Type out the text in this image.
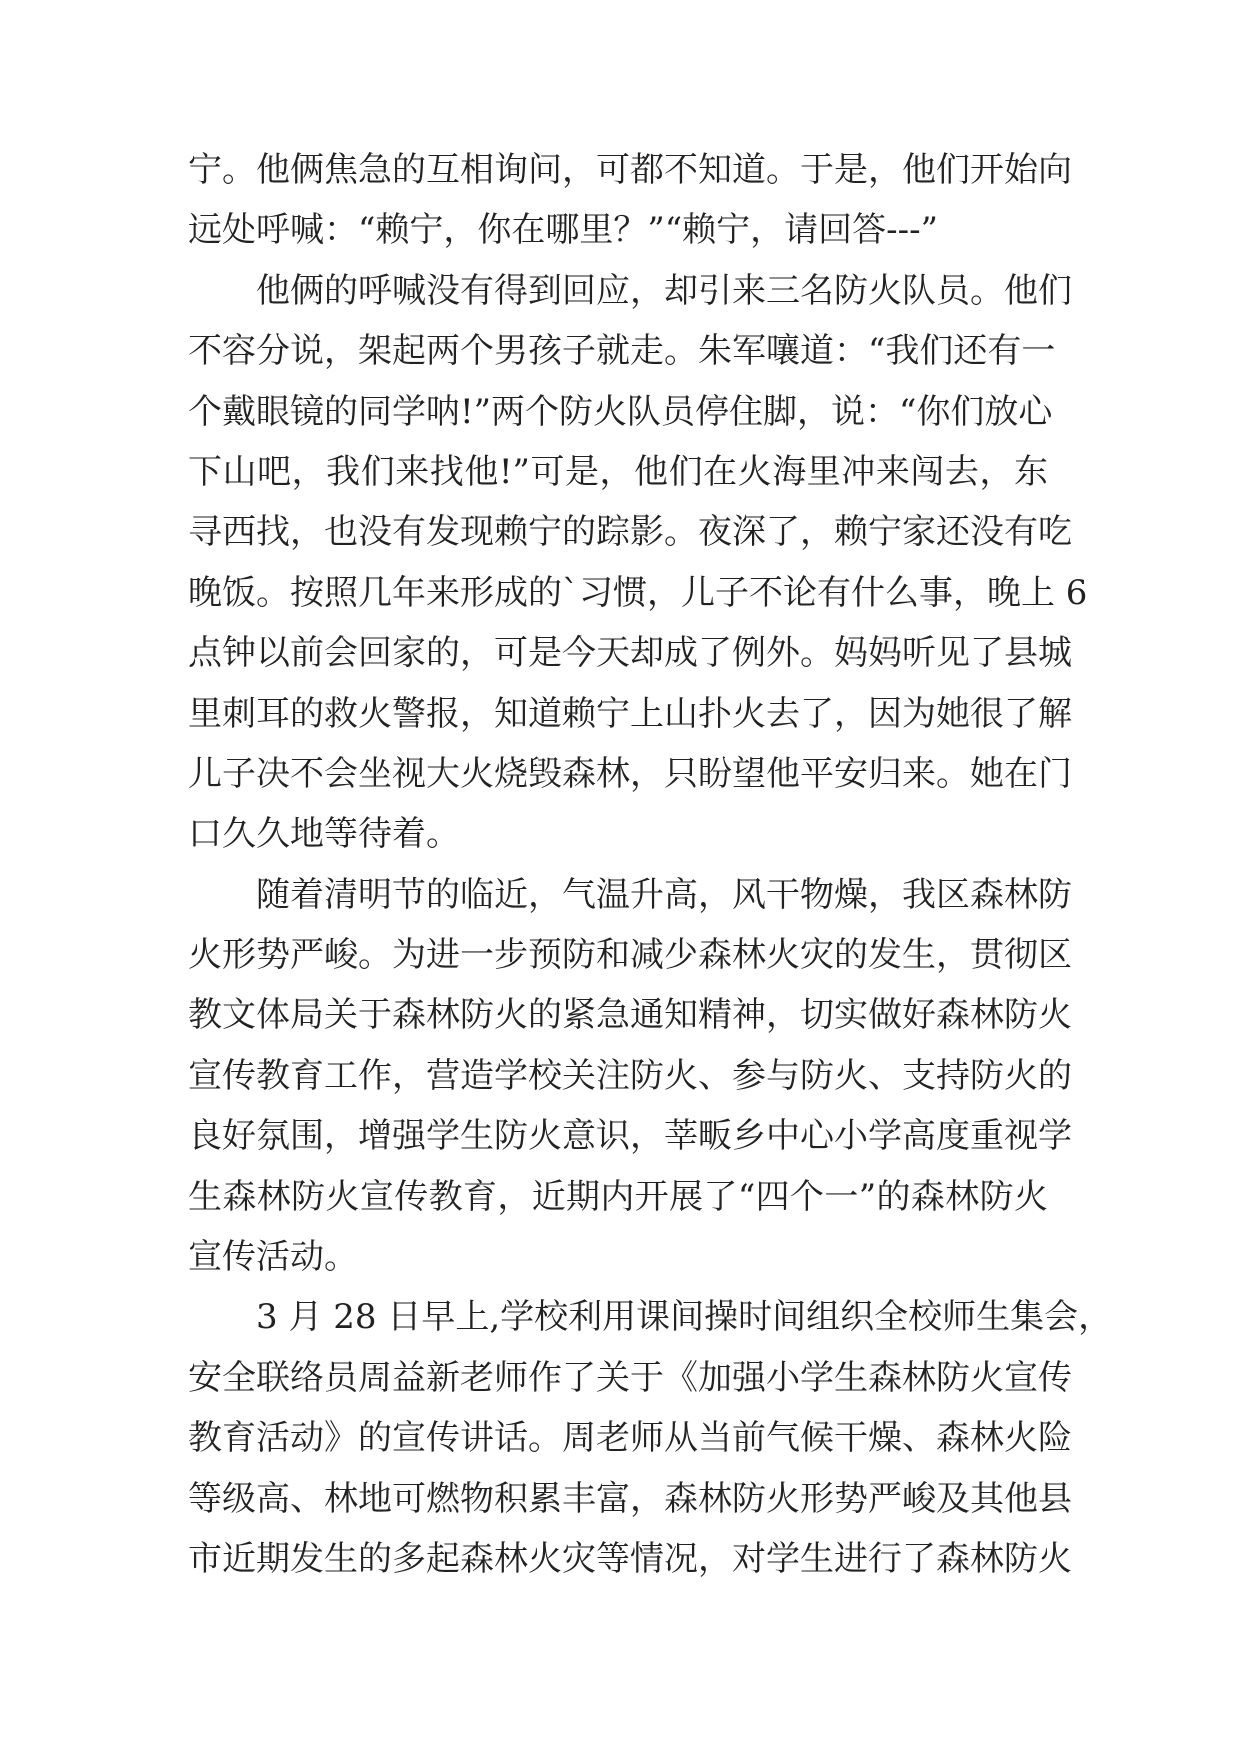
宁。他俩焦急的互相询问，可都不知道。于是，他们开始向
远处呼喊：“赖宁，你在哪里？”“赖宁，请回答---”
他俩的呼喊没有得到回应，却引来三名防火队员。他们
不容分说，架起两个男孩子就走。朱军嚷道：“我们还有一
个戴眼镜的同学呐!”两个防火队员停住脚，说：“你们放心
下山吧，我们来找他!”可是，他们在火海里冲来闯去，东
寻西找，也没有发现赖宁的踪影。夜深了，赖宁家还没有吃
晚饭。按照几年来形成的`习惯，儿子不论有什么事，晚上 6
点钟以前会回家的，可是今天却成了例外。妈妈听见了县城
里刺耳的救火警报，知道赖宁上山扑火去了，因为她很了解
儿子决不会坐视大火烧毁森林，只盼望他平安归来。她在门
口久久地等待着。
随着清明节的临近，气温升高，风干物燥，我区森林防
火形势严峻。为进一步预防和减少森林火灾的发生，贯彻区
教文体局关于森林防火的紧急通知精神，切实做好森林防火
宣传教育工作，营造学校关注防火、参与防火、支持防火的
良好氛围，增强学生防火意识，莘畈乡中心小学高度重视学
生森林防火宣传教育，近期内开展了“四个一”的森林防火
宣传活动。
3 月 28 日早上,学校利用课间操时间组织全校师生集会，
安全联络员周益新老师作了关于《加强小学生森林防火宣传
教育活动》的宣传讲话。周老师从当前气候干燥、森林火险
等级高、林地可燃物积累丰富，森林防火形势严峻及其他县
市近期发生的多起森林火灾等情况，对学生进行了森林防火
